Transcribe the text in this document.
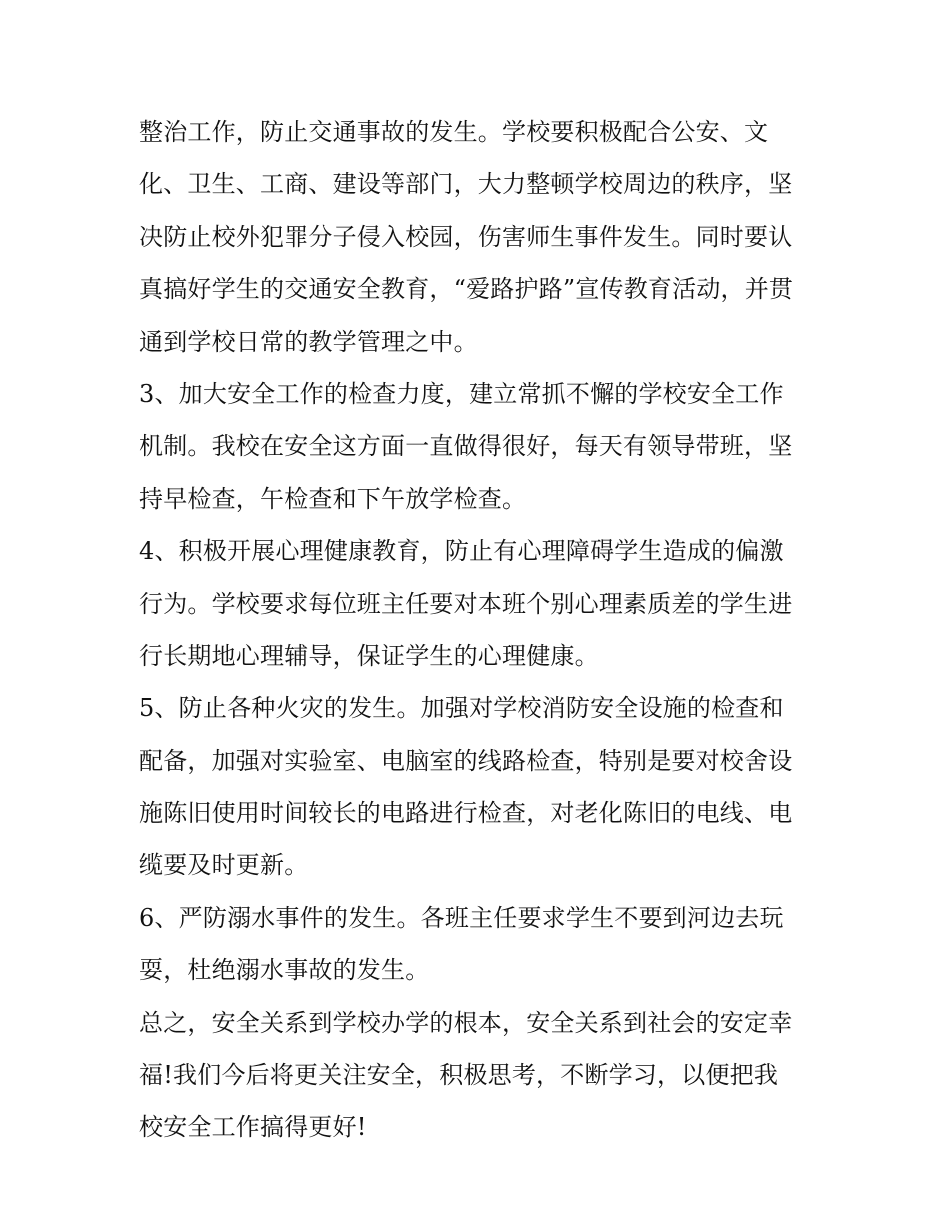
整治工作，防止交通事故的发生。学校要积极配合公安、文
化、卫生、工商、建设等部门，大力整顿学校周边的秩序，坚
决防止校外犯罪分子侵入校园，伤害师生事件发生。同时要认
真搞好学生的交通安全教育，“爱路护路”宣传教育活动，并贯
通到学校日常的教学管理之中。
3、加大安全工作的检查力度，建立常抓不懈的学校安全工作
机制。我校在安全这方面一直做得很好，每天有领导带班，坚
持早检查，午检查和下午放学检查。
4、积极开展心理健康教育，防止有心理障碍学生造成的偏激
行为。学校要求每位班主任要对本班个别心理素质差的学生进
行长期地心理辅导，保证学生的心理健康。
5、防止各种火灾的发生。加强对学校消防安全设施的检查和
配备，加强对实验室、电脑室的线路检查，特别是要对校舍设
施陈旧使用时间较长的电路进行检查，对老化陈旧的电线、电
缆要及时更新。
6、严防溺水事件的发生。各班主任要求学生不要到河边去玩
耍，杜绝溺水事故的发生。
总之，安全关系到学校办学的根本，安全关系到社会的安定幸
福!我们今后将更关注安全，积极思考，不断学习，以便把我
校安全工作搞得更好!
